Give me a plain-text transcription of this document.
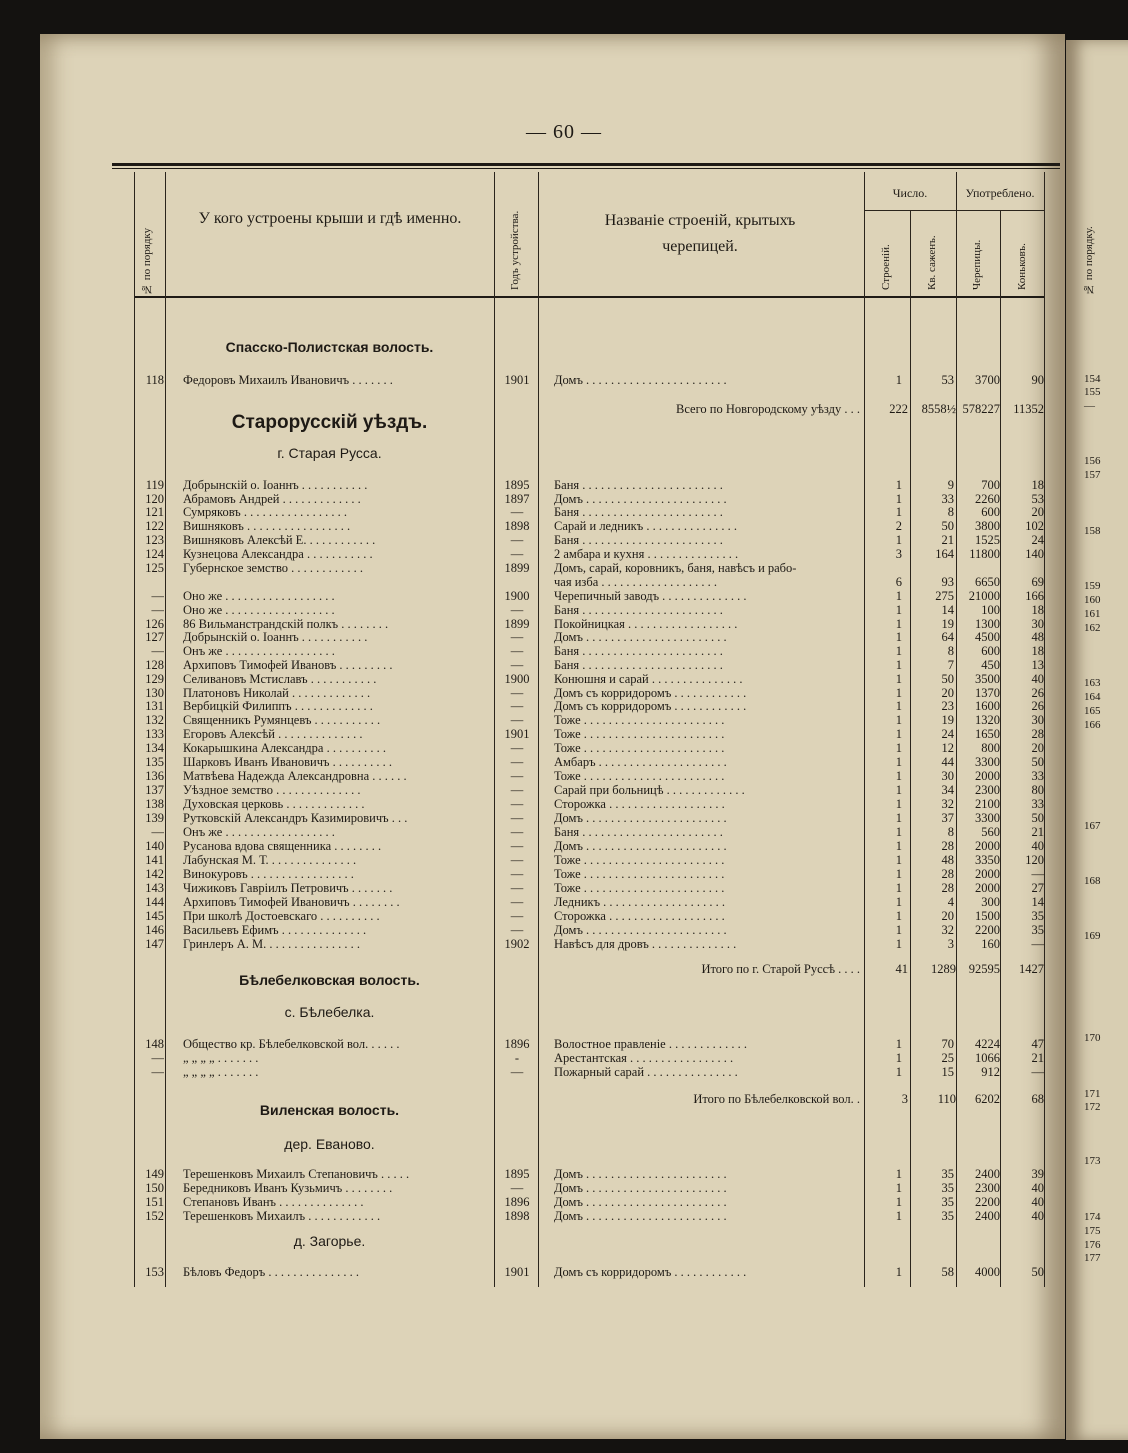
— 60 —
№ по порядку
У кого устроены крыши и гдѣ именно.	Годъ устройства.	Названіе строеній, крытыхъ черепицей.
Число.	Употреблено.
Строеній.	Кв. саженъ.	Черепицы.	Коньковъ.	№ по порядку.
Спасско-Полистская волость.
Старорусскій уѣздъ.
г. Старая Русса.
Бѣлебелковская волость.
с. Бѣлебелка.
Виленская волость.
дер. Еваново.
д. Загорье.
Всего по Новгородскому уѣзду . . .	222	8558½ 578227	11352
Итого по г. Старой Руссѣ . . . .	41	1289	92595	1427
Итого по Бѣлебелковской вол. .	3	110	6202	68
118 Федоровъ Михаилъ Ивановичъ . . . . . . .	1901	Домъ . . . . . . . . . . . . . . . . . . . . . . .	1	53	3700	90
119 Добрынскій о. Іоаннъ . . . . . . . . . . .	1895	Баня . . . . . . . . . . . . . . . . . . . . . . .	1	9	700	18
120 Абрамовъ Андрей . . . . . . . . . . . . .	1897	Домъ . . . . . . . . . . . . . . . . . . . . . . .	1	33	2260	53
121 Сумряковъ . . . . . . . . . . . . . . . . .	—	Баня . . . . . . . . . . . . . . . . . . . . . . .	1	8	600	20
122 Вишняковъ . . . . . . . . . . . . . . . . .	1898	Сарай и ледникъ . . . . . . . . . . . . . . .	2	50	3800	102
123 Вишняковъ Алексѣй Е. . . . . . . . . . . .	—	Баня . . . . . . . . . . . . . . . . . . . . . . .	1	21	1525	24
124 Кузнецова Александра . . . . . . . . . . .	—	2 амбара и кухня . . . . . . . . . . . . . . .	3	164	11800	140
125 Губернское земство . . . . . . . . . . . .	1899	Домъ, сарай, коровникъ, баня, навѣсъ и рабо-
чая изба . . . . . . . . . . . . . . . . . . .	6	93	6650	69
— Оно же . . . . . . . . . . . . . . . . . .	1900	Черепичный заводъ . . . . . . . . . . . . . .	1	275	21000	166
— Оно же . . . . . . . . . . . . . . . . . .	—	Баня . . . . . . . . . . . . . . . . . . . . . . .	1	14	100	18
126 86 Вильманстрандскій полкъ . . . . . . . .	1899	Покойницкая . . . . . . . . . . . . . . . . . .	1	19	1300	30
127 Добрынскій о. Іоаннъ . . . . . . . . . . .	—	Домъ . . . . . . . . . . . . . . . . . . . . . . .	1	64	4500	48
— Онъ же . . . . . . . . . . . . . . . . . .	—	Баня . . . . . . . . . . . . . . . . . . . . . . .	1	8	600	18
128 Архиповъ Тимофей Ивановъ . . . . . . . . .	—	Баня . . . . . . . . . . . . . . . . . . . . . . .	1	7	450	13
129 Селивановъ Мстиславъ . . . . . . . . . . .	1900	Конюшня и сарай . . . . . . . . . . . . . . .	1	50	3500	40
130 Платоновъ Николай . . . . . . . . . . . . .	—	Домъ съ корридоромъ . . . . . . . . . . . .	1	20	1370	26
131 Вербицкій Филиппъ . . . . . . . . . . . . .	—	Домъ съ корридоромъ . . . . . . . . . . . .	1	23	1600	26
132 Священникъ Румянцевъ . . . . . . . . . . .	—	Тоже . . . . . . . . . . . . . . . . . . . . . . .	1	19	1320	30
133 Егоровъ Алексѣй . . . . . . . . . . . . . .	1901	Тоже . . . . . . . . . . . . . . . . . . . . . . .	1	24	1650	28
134 Кокарышкина Александра . . . . . . . . . .	—	Тоже . . . . . . . . . . . . . . . . . . . . . . .	1	12	800	20
135 Шарковъ Иванъ Ивановичъ . . . . . . . . . .	—	Амбаръ . . . . . . . . . . . . . . . . . . . . .	1	44	3300	50
136 Матвѣева Надежда Александровна . . . . . .	—	Тоже . . . . . . . . . . . . . . . . . . . . . . .	1	30	2000	33
137 Уѣздное земство . . . . . . . . . . . . . .	—	Сарай при больницѣ . . . . . . . . . . . . .	1	34	2300	80
138 Духовская церковь . . . . . . . . . . . . .	—	Сторожка . . . . . . . . . . . . . . . . . . .	1	32	2100	33
139 Рутковскій Александръ Казимировичъ . . .	—	Домъ . . . . . . . . . . . . . . . . . . . . . . .	1	37	3300	50
— Онъ же . . . . . . . . . . . . . . . . . .	—	Баня . . . . . . . . . . . . . . . . . . . . . . .	1	8	560	21
140 Русанова вдова священника . . . . . . . .	—	Домъ . . . . . . . . . . . . . . . . . . . . . . .	1	28	2000	40
141 Лабунская М. Т. . . . . . . . . . . . . . .	—	Тоже . . . . . . . . . . . . . . . . . . . . . . .	1	48	3350	120
142 Винокуровъ . . . . . . . . . . . . . . . . .	—	Тоже . . . . . . . . . . . . . . . . . . . . . . .	1	28	2000	—
143 Чижиковъ Гавріилъ Петровичъ . . . . . . .	—	Тоже . . . . . . . . . . . . . . . . . . . . . . .	1	28	2000	27
144 Архиповъ Тимофей Ивановичъ . . . . . . . .	—	Ледникъ . . . . . . . . . . . . . . . . . . . .	1	4	300	14
145 При школѣ Достоевскаго . . . . . . . . . .	—	Сторожка . . . . . . . . . . . . . . . . . . .	1	20	1500	35
146 Васильевъ Ефимъ . . . . . . . . . . . . . .	—	Домъ . . . . . . . . . . . . . . . . . . . . . . .	1	32	2200	35
147 Гринлеръ А. М. . . . . . . . . . . . . . . .	1902	Навѣсъ для дровъ . . . . . . . . . . . . . .	1	3	160	—
148 Общество кр. Бѣлебелковской вол. . . . . .	1896	Волостное правленіе . . . . . . . . . . . . .	1	70	4224	47
— „ „ „ „ . . . . . . .	-	Арестантская . . . . . . . . . . . . . . . . .	1	25	1066	21
— „ „ „ „ . . . . . . .	—	Пожарный сарай . . . . . . . . . . . . . . .	1	15	912	—
149 Терешенковъ Михаилъ Степановичъ . . . . .	1895	Домъ . . . . . . . . . . . . . . . . . . . . . . .	1	35	2400	39
150 Бередниковъ Иванъ Кузьмичъ . . . . . . . .	—	Домъ . . . . . . . . . . . . . . . . . . . . . . .	1	35	2300	40
151 Степановъ Иванъ . . . . . . . . . . . . . .	1896	Домъ . . . . . . . . . . . . . . . . . . . . . . .	1	35	2200	40
152 Терешенковъ Михаилъ . . . . . . . . . . . .	1898	Домъ . . . . . . . . . . . . . . . . . . . . . . .	1	35	2400	40
153 Бѣловъ Федоръ . . . . . . . . . . . . . . .	1901	Домъ съ корридоромъ . . . . . . . . . . . .	1	58	4000	50
154
155
—
156
157
158
159
160
161
162
163
164
165
166
167
168
169
170
171
172
173
174
175
176
177
